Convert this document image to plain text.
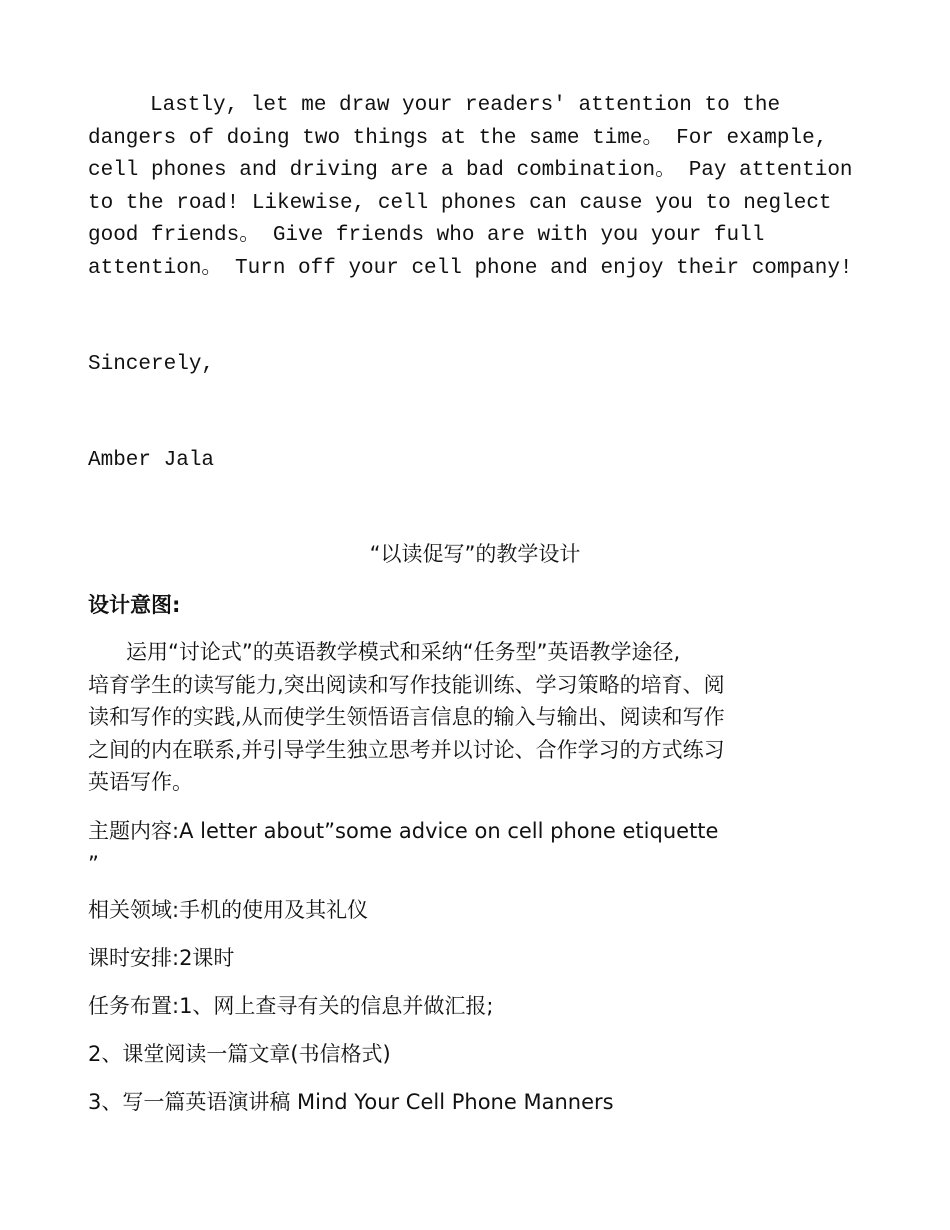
Lastly, let me draw your readers' attention to the
dangers of doing two things at the same time。 For example,
cell phones and driving are a bad combination。 Pay attention
to the road! Likewise, cell phones can cause you to neglect
good friends。 Give friends who are with you your full
attention。 Turn off your cell phone and enjoy their company!
Sincerely,
Amber Jala
“以读促写”的教学设计
设计意图:
运用“讨论式”的英语教学模式和采纳“任务型”英语教学途径,
培育学生的读写能力,突出阅读和写作技能训练、学习策略的培育、阅
读和写作的实践,从而使学生领悟语言信息的输入与输出、阅读和写作
之间的内在联系,并引导学生独立思考并以讨论、合作学习的方式练习
英语写作。
主题内容:A letter about”some advice on cell phone etiquette
”
相关领域:手机的使用及其礼仪
课时安排:2课时
任务布置:1、网上查寻有关的信息并做汇报;
2、课堂阅读一篇文章(书信格式)
3、写一篇英语演讲稿 Mind Your Cell Phone Manners
